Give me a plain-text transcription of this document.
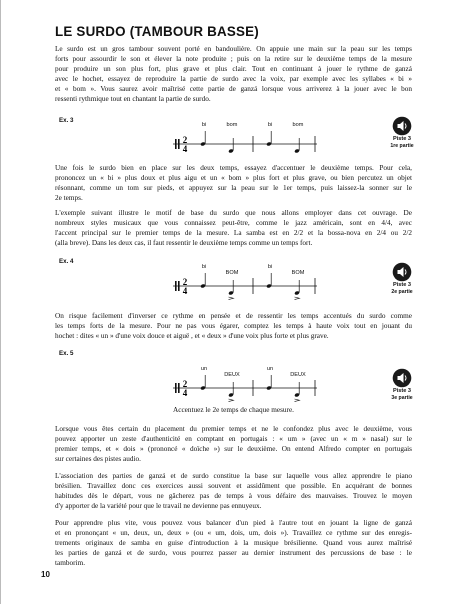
LE SURDO (TAMBOUR BASSE)
Le surdo est un gros tambour souvent porté en bandoulière. On appuie une main sur la peau sur les temps
forts pour assourdir le son et élever la note produite ; puis on la retire sur le deuxième temps de la mesure
pour produire un son plus fort, plus grave et plus clair. Tout en continuant à jouer le rythme de ganzá
avec le hochet, essayez de reproduire la partie de surdo avec la voix, par exemple avec les syllabes « bi »
et « bom ». Vous saurez avoir maîtrisé cette partie de ganzá lorsque vous arriverez à la jouer avec le bon
ressenti rythmique tout en chantant la partie de surdo.
Ex. 3
2
4
bi	bom	bi	bom
Piste 3
1re partie
Une fois le surdo bien en place sur les deux temps, essayez d'accentuer le deuxième temps. Pour cela,
prononcez un « bi » plus doux et plus aigu et un « bom » plus fort et plus grave, ou bien percutez un objet
résonnant, comme un tom sur pieds, et appuyez sur la peau sur le 1er temps, puis laissez-la sonner sur le
2e temps.
L'exemple suivant illustre le motif de base du surdo que nous allons employer dans cet ouvrage. De
nombreux styles musicaux que vous connaissez peut-être, comme le jazz américain, sont en 4/4, avec
l'accent principal sur le premier temps de la mesure. La samba est en 2/2 et la bossa-nova en 2/4 ou 2/2
(alla breve). Dans les deux cas, il faut ressentir le deuxième temps comme un temps fort.
Ex. 4
2
4
bi
BOM
bi
BOM
Piste 3
2e partie
On risque facilement d'inverser ce rythme en pensée et de ressentir les temps accentués du surdo comme
les temps forts de la mesure. Pour ne pas vous égarer, comptez les temps à haute voix tout en jouant du
hochet : dites « un » d'une voix douce et aiguë , et « deux » d'une voix plus forte et plus grave.
Ex. 5
2
4
un
DEUX
un
DEUX
Piste 3
3e partie
Accentuez le 2e temps de chaque mesure.
Lorsque vous êtes certain du placement du premier temps et ne le confondez plus avec le deuxième, vous
pouvez apporter un zeste d'authenticité en comptant en portugais : « um » (avec un « m » nasal) sur le
premier temps, et « dois » (prononcé « doïche ») sur le deuxième. On entend Alfredo compter en portugais
sur certaines des pistes audio.
L'association des parties de ganzá et de surdo constitue la base sur laquelle vous allez apprendre le piano
brésilien. Travaillez donc ces exercices aussi souvent et assidûment que possible. En acquérant de bonnes
habitudes dès le départ, vous ne gâcherez pas de temps à vous défaire des mauvaises. Trouvez le moyen
d'y apporter de la variété pour que le travail ne devienne pas ennuyeux.
Pour apprendre plus vite, vous pouvez vous balancer d'un pied à l'autre tout en jouant la ligne de ganzá
et en prononçant « un, deux, un, deux » (ou « um, dois, um, dois »). Travaillez ce rythme sur des enregis-
trements originaux de samba en guise d'introduction à la musique brésilienne. Quand vous aurez maîtrisé
les parties de ganzá et de surdo, vous pourrez passer au dernier instrument des percussions de base : le
tamborim.
10
